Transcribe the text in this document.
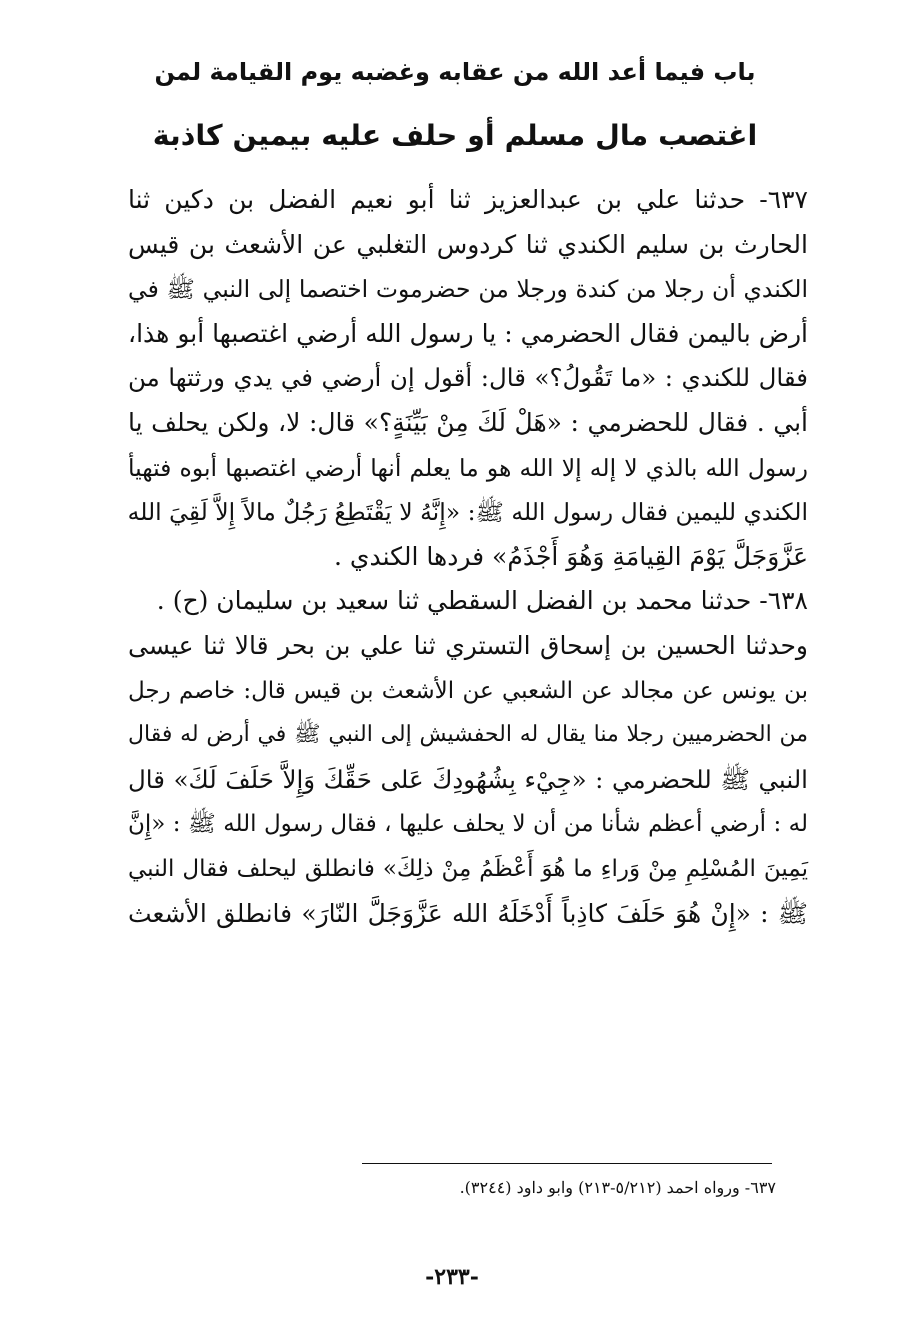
باب فيما أعد الله من عقابه وغضبه يوم القيامة لمن
اغتصب مال مسلم أو حلف عليه بيمين كاذبة
٦٣٧- حدثنا علي بن عبدالعزيز ثنا أبو نعيم الفضل بن دكين ثنا
الحارث بن سليم الكندي ثنا كردوس التغلبي عن الأشعث بن قيس
الكندي أن رجلا من كندة ورجلا من حضرموت اختصما إلى النبي ﷺ في
أرض باليمن فقال الحضرمي : يا رسول الله أرضي اغتصبها أبو هذا،
فقال للكندي : «ما تَقُولُ؟» قال: أقول إن أرضي في يدي ورثتها من
أبي . فقال للحضرمي : «هَلْ لَكَ مِنْ بَيِّنَةٍ؟» قال: لا، ولكن يحلف يا
رسول الله بالذي لا إله إلا الله هو ما يعلم أنها أرضي اغتصبها أبوه فتهيأ
الكندي لليمين فقال رسول الله ﷺ: «إِنَّهُ لا يَقْتَطِعُ رَجُلٌ مالاً إِلاَّ لَقِيَ الله
عَزَّوَجَلَّ يَوْمَ القِيامَةِ وَهُوَ أَجْذَمُ» فردها الكندي .
٦٣٨- حدثنا محمد بن الفضل السقطي ثنا سعيد بن سليمان (ح) .
وحدثنا الحسين بن إسحاق التستري ثنا علي بن بحر قالا ثنا عيسى
بن يونس عن مجالد عن الشعبي عن الأشعث بن قيس قال: خاصم رجل
من الحضرميين رجلا منا يقال له الحفشيش إلى النبي ﷺ في أرض له فقال
النبي ﷺ للحضرمي : «جِيْء بِشُهُودِكَ عَلى حَقِّكَ وَإِلاَّ حَلَفَ لَكَ» قال
له : أرضي أعظم شأنا من أن لا يحلف عليها ، فقال رسول الله ﷺ : «إِنَّ
يَمِينَ المُسْلِمِ مِنْ وَراءِ ما هُوَ أَعْظَمُ مِنْ ذلِكَ» فانطلق ليحلف فقال النبي
ﷺ : «إِنْ هُوَ حَلَفَ كاذِباً أَدْخَلَهُ الله عَزَّوَجَلَّ النّارَ» فانطلق الأشعث
٦٣٧- ورواه احمد (٥/٢١٢-٢١٣) وابو داود (٣٢٤٤).
-٢٣٣-
